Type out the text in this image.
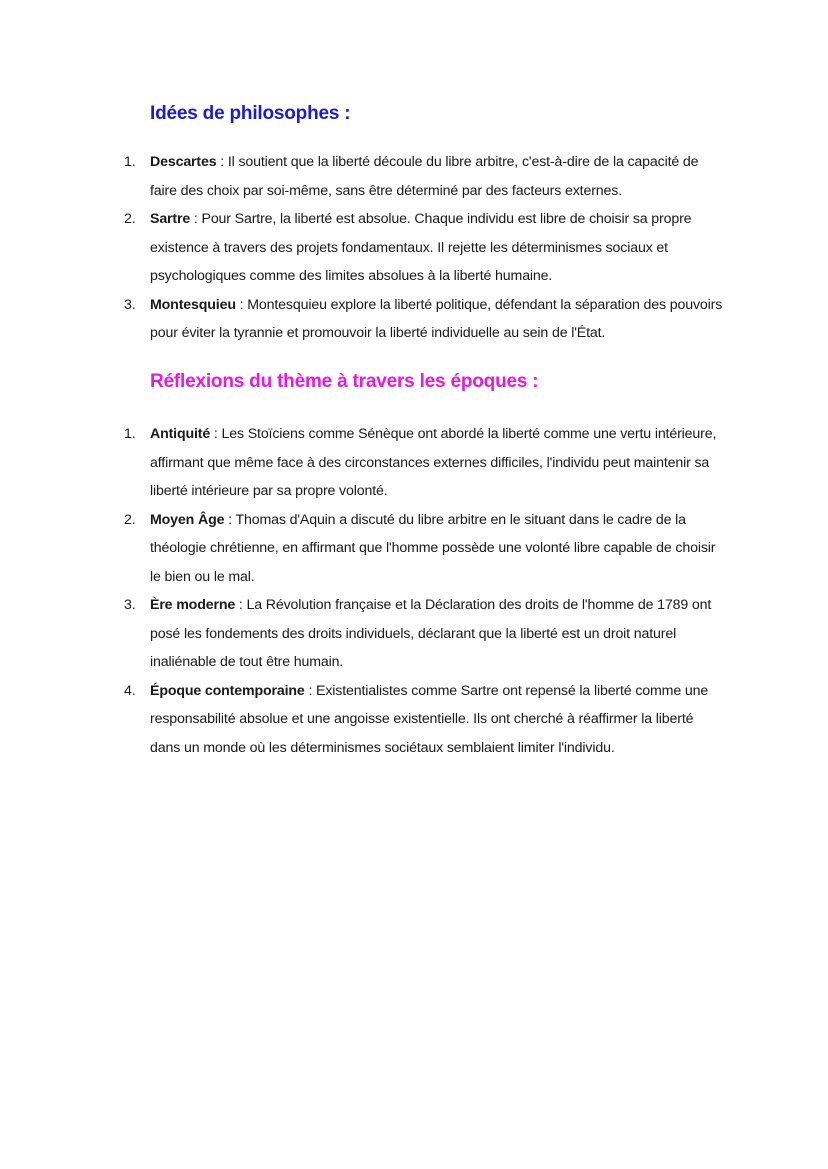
Idées de philosophes :
1.	Descartes : Il soutient que la liberté découle du libre arbitre, c'est-à-dire de la capacité de faire des choix par soi-même, sans être déterminé par des facteurs externes.
2.	Sartre : Pour Sartre, la liberté est absolue. Chaque individu est libre de choisir sa propre existence à travers des projets fondamentaux. Il rejette les déterminismes sociaux et psychologiques comme des limites absolues à la liberté humaine.
3.	Montesquieu : Montesquieu explore la liberté politique, défendant la séparation des pouvoirs pour éviter la tyrannie et promouvoir la liberté individuelle au sein de l'État.
Réflexions du thème à travers les époques :
1.	Antiquité : Les Stoïciens comme Sénèque ont abordé la liberté comme une vertu intérieure, affirmant que même face à des circonstances externes difficiles, l'individu peut maintenir sa liberté intérieure par sa propre volonté.
2.	Moyen Âge : Thomas d'Aquin a discuté du libre arbitre en le situant dans le cadre de la théologie chrétienne, en affirmant que l'homme possède une volonté libre capable de choisir le bien ou le mal.
3.	Ère moderne : La Révolution française et la Déclaration des droits de l'homme de 1789 ont posé les fondements des droits individuels, déclarant que la liberté est un droit naturel inaliénable de tout être humain.
4.	Époque contemporaine : Existentialistes comme Sartre ont repensé la liberté comme une responsabilité absolue et une angoisse existentielle. Ils ont cherché à réaffirmer la liberté dans un monde où les déterminismes sociétaux semblaient limiter l'individu.
